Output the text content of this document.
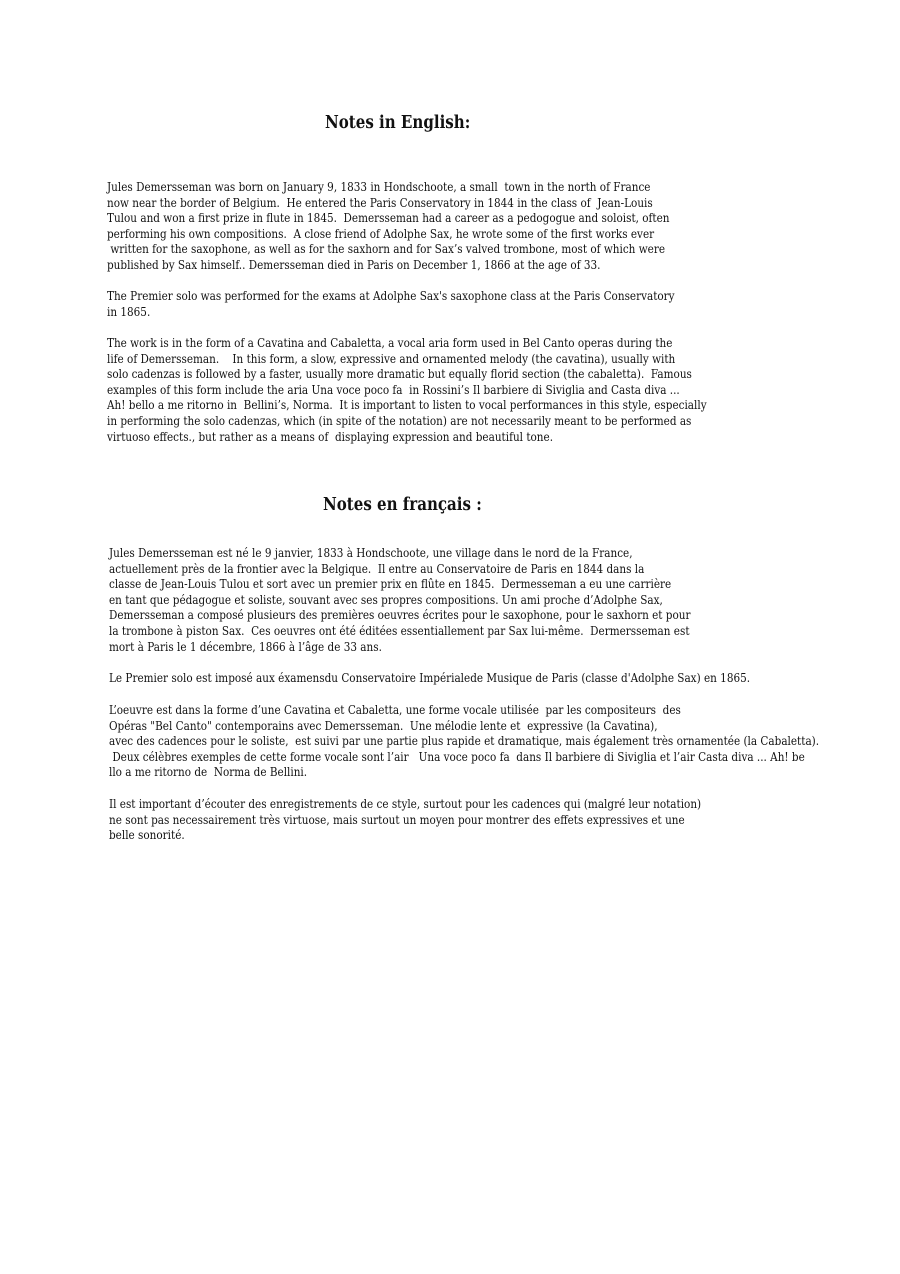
Notes in English:
Jules Demersseman was born on January 9, 1833 in Hondschoote, a small  town in the north of France
now near the border of Belgium.  He entered the Paris Conservatory in 1844 in the class of  Jean-Louis
Tulou and won a first prize in flute in 1845.  Demersseman had a career as a pedogogue and soloist, often
performing his own compositions.  A close friend of Adolphe Sax, he wrote some of the first works ever
written for the saxophone, as well as for the saxhorn and for Sax’s valved trombone, most of which were
published by Sax himself.. Demersseman died in Paris on December 1, 1866 at the age of 33.
The Premier solo was performed for the exams at Adolphe Sax's saxophone class at the Paris Conservatory
in 1865.
The work is in the form of a Cavatina and Cabaletta, a vocal aria form used in Bel Canto operas during the
life of Demersseman.    In this form, a slow, expressive and ornamented melody (the cavatina), usually with
solo cadenzas is followed by a faster, usually more dramatic but equally florid section (the cabaletta).  Famous
examples of this form include the aria Una voce poco fa  in Rossini’s Il barbiere di Siviglia and Casta diva ...
Ah! bello a me ritorno in  Bellini’s, Norma.  It is important to listen to vocal performances in this style, especially
in performing the solo cadenzas, which (in spite of the notation) are not necessarily meant to be performed as
virtuoso effects., but rather as a means of  displaying expression and beautiful tone.
Notes en français :
Jules Demersseman est né le 9 janvier, 1833 à Hondschoote, une village dans le nord de la France,
actuellement près de la frontier avec la Belgique.  Il entre au Conservatoire de Paris en 1844 dans la
classe de Jean-Louis Tulou et sort avec un premier prix en flûte en 1845.  Dermesseman a eu une carrière
en tant que pédagogue et soliste, souvant avec ses propres compositions. Un ami proche d’Adolphe Sax,
Demersseman a composé plusieurs des premières oeuvres écrites pour le saxophone, pour le saxhorn et pour
la trombone à piston Sax.  Ces oeuvres ont été éditées essentiallement par Sax lui-même.  Dermersseman est
mort à Paris le 1 décembre, 1866 à l’âge de 33 ans.
Le Premier solo est imposé aux éxamensdu Conservatoire Impérialede Musique de Paris (classe d'Adolphe Sax) en 1865.
L’oeuvre est dans la forme d’une Cavatina et Cabaletta, une forme vocale utilisée  par les compositeurs  des
Opéras "Bel Canto" contemporains avec Demersseman.  Une mélodie lente et  expressive (la Cavatina),
avec des cadences pour le soliste,  est suivi par une partie plus rapide et dramatique, mais également très ornamentée (la Cabaletta).
Deux célèbres exemples de cette forme vocale sont l’air   Una voce poco fa  dans Il barbiere di Siviglia et l’air Casta diva ... Ah! be
llo a me ritorno de  Norma de Bellini.
Il est important d’écouter des enregistrements de ce style, surtout pour les cadences qui (malgré leur notation)
ne sont pas necessairement très virtuose, mais surtout un moyen pour montrer des effets expressives et une
belle sonorité.
